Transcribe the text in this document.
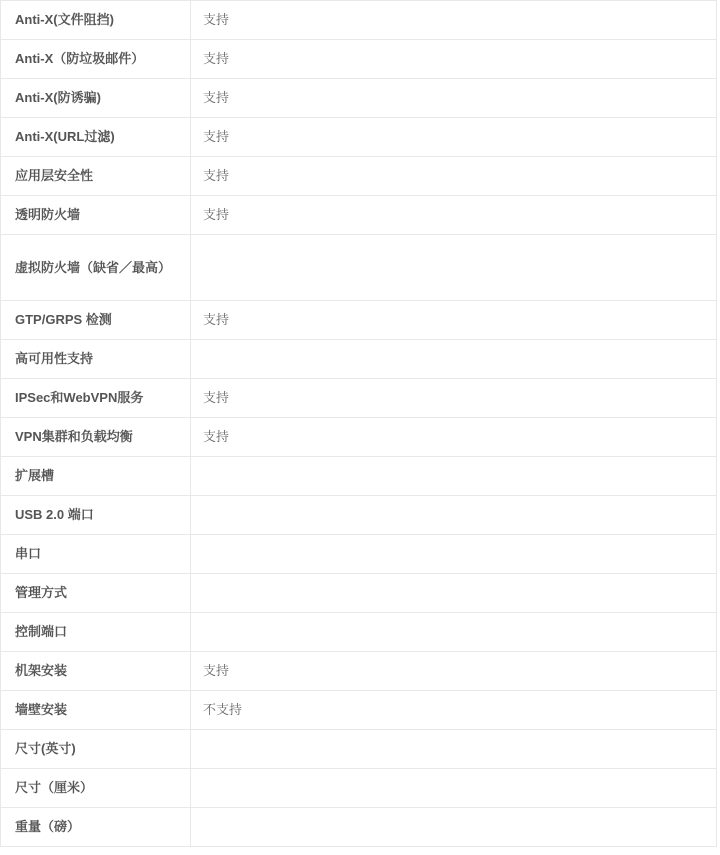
Anti-X(文件阻挡)	支持

Anti-X（防垃圾邮件）	支持

Anti-X(防诱骗)	支持

Anti-X(URL过滤)	支持

应用层安全性	支持

透明防火墙	支持

虚拟防火墙（缺省／最高）	

GTP/GRPS 检测	支持

高可用性支持	

IPSec和WebVPN服务	支持

VPN集群和负载均衡	支持

扩展槽	

USB 2.0 端口	

串口	

管理方式	

控制端口	

机架安装	支持

墙壁安装	不支持

尺寸(英寸)	

尺寸（厘米）	

重量（磅）	
